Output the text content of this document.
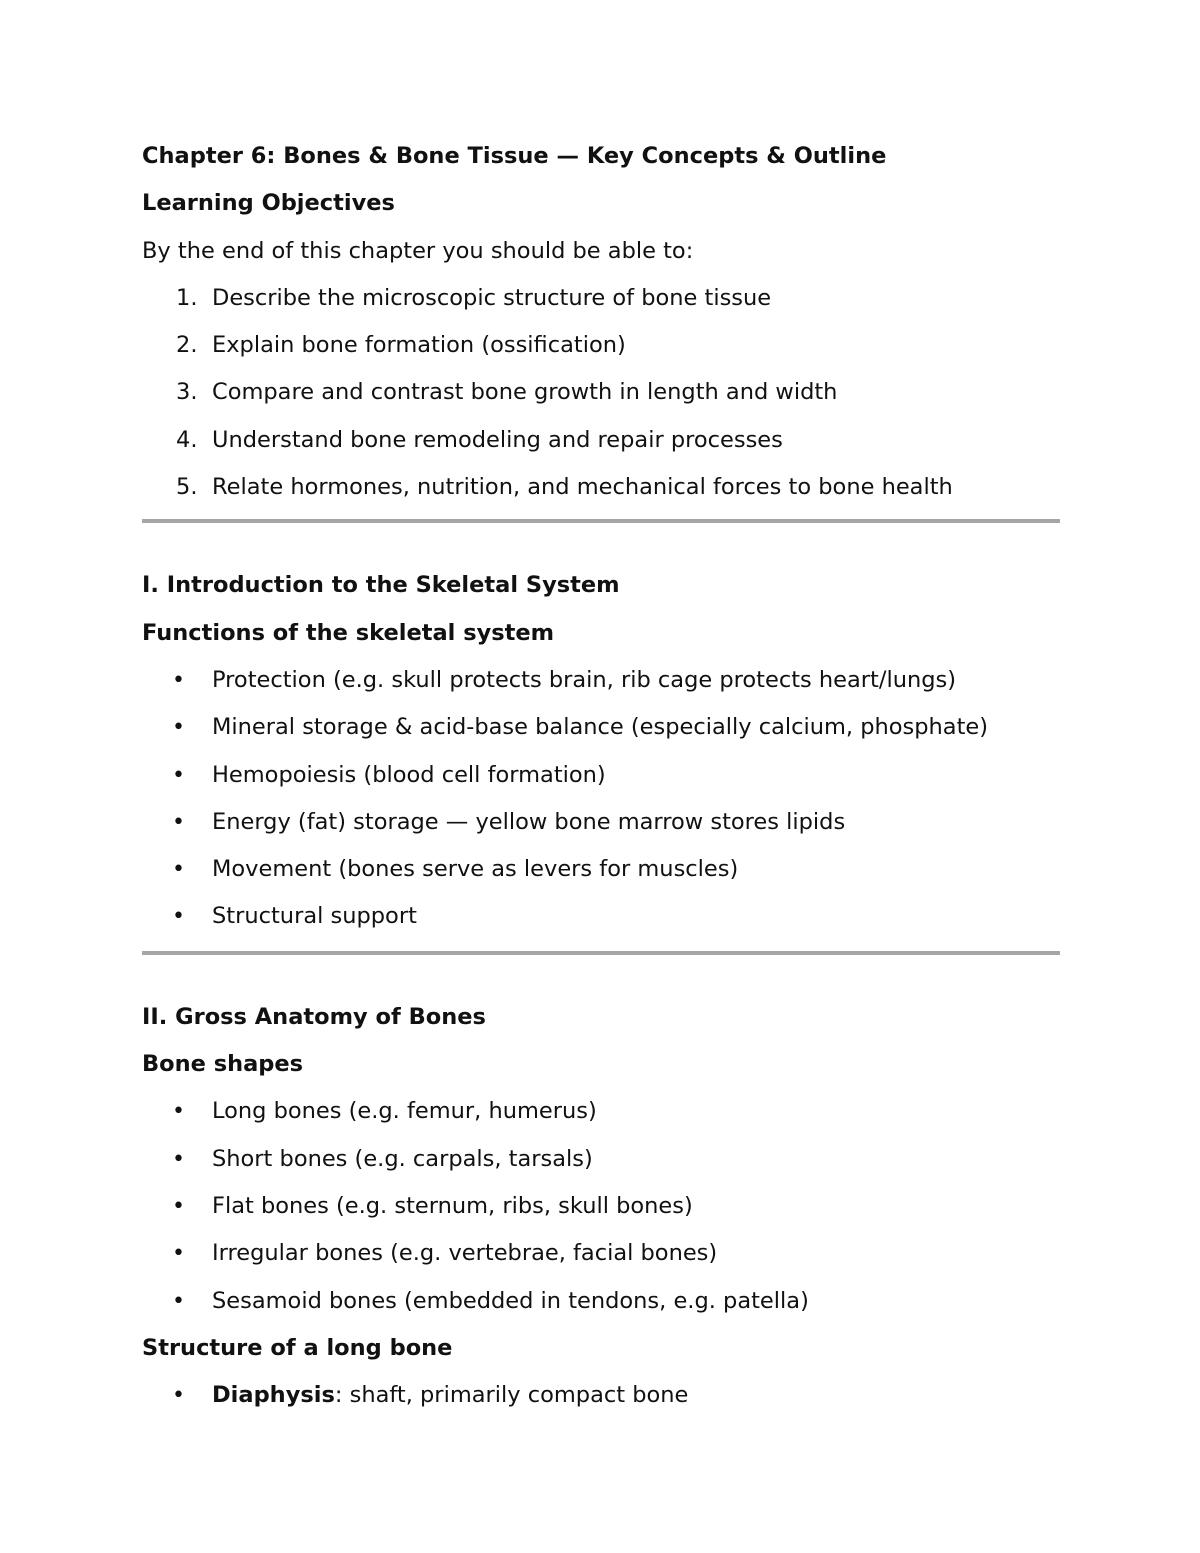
Chapter 6: Bones & Bone Tissue — Key Concepts & Outline
Learning Objectives
By the end of this chapter you should be able to:
1. Describe the microscopic structure of bone tissue
2. Explain bone formation (ossification)
3. Compare and contrast bone growth in length and width
4. Understand bone remodeling and repair processes
5. Relate hormones, nutrition, and mechanical forces to bone health
I. Introduction to the Skeletal System
Functions of the skeletal system
• Protection (e.g. skull protects brain, rib cage protects heart/lungs)
• Mineral storage & acid-base balance (especially calcium, phosphate)
• Hemopoiesis (blood cell formation)
• Energy (fat) storage — yellow bone marrow stores lipids
• Movement (bones serve as levers for muscles)
• Structural support
II. Gross Anatomy of Bones
Bone shapes
• Long bones (e.g. femur, humerus)
• Short bones (e.g. carpals, tarsals)
• Flat bones (e.g. sternum, ribs, skull bones)
• Irregular bones (e.g. vertebrae, facial bones)
• Sesamoid bones (embedded in tendons, e.g. patella)
Structure of a long bone
• Diaphysis: shaft, primarily compact bone
